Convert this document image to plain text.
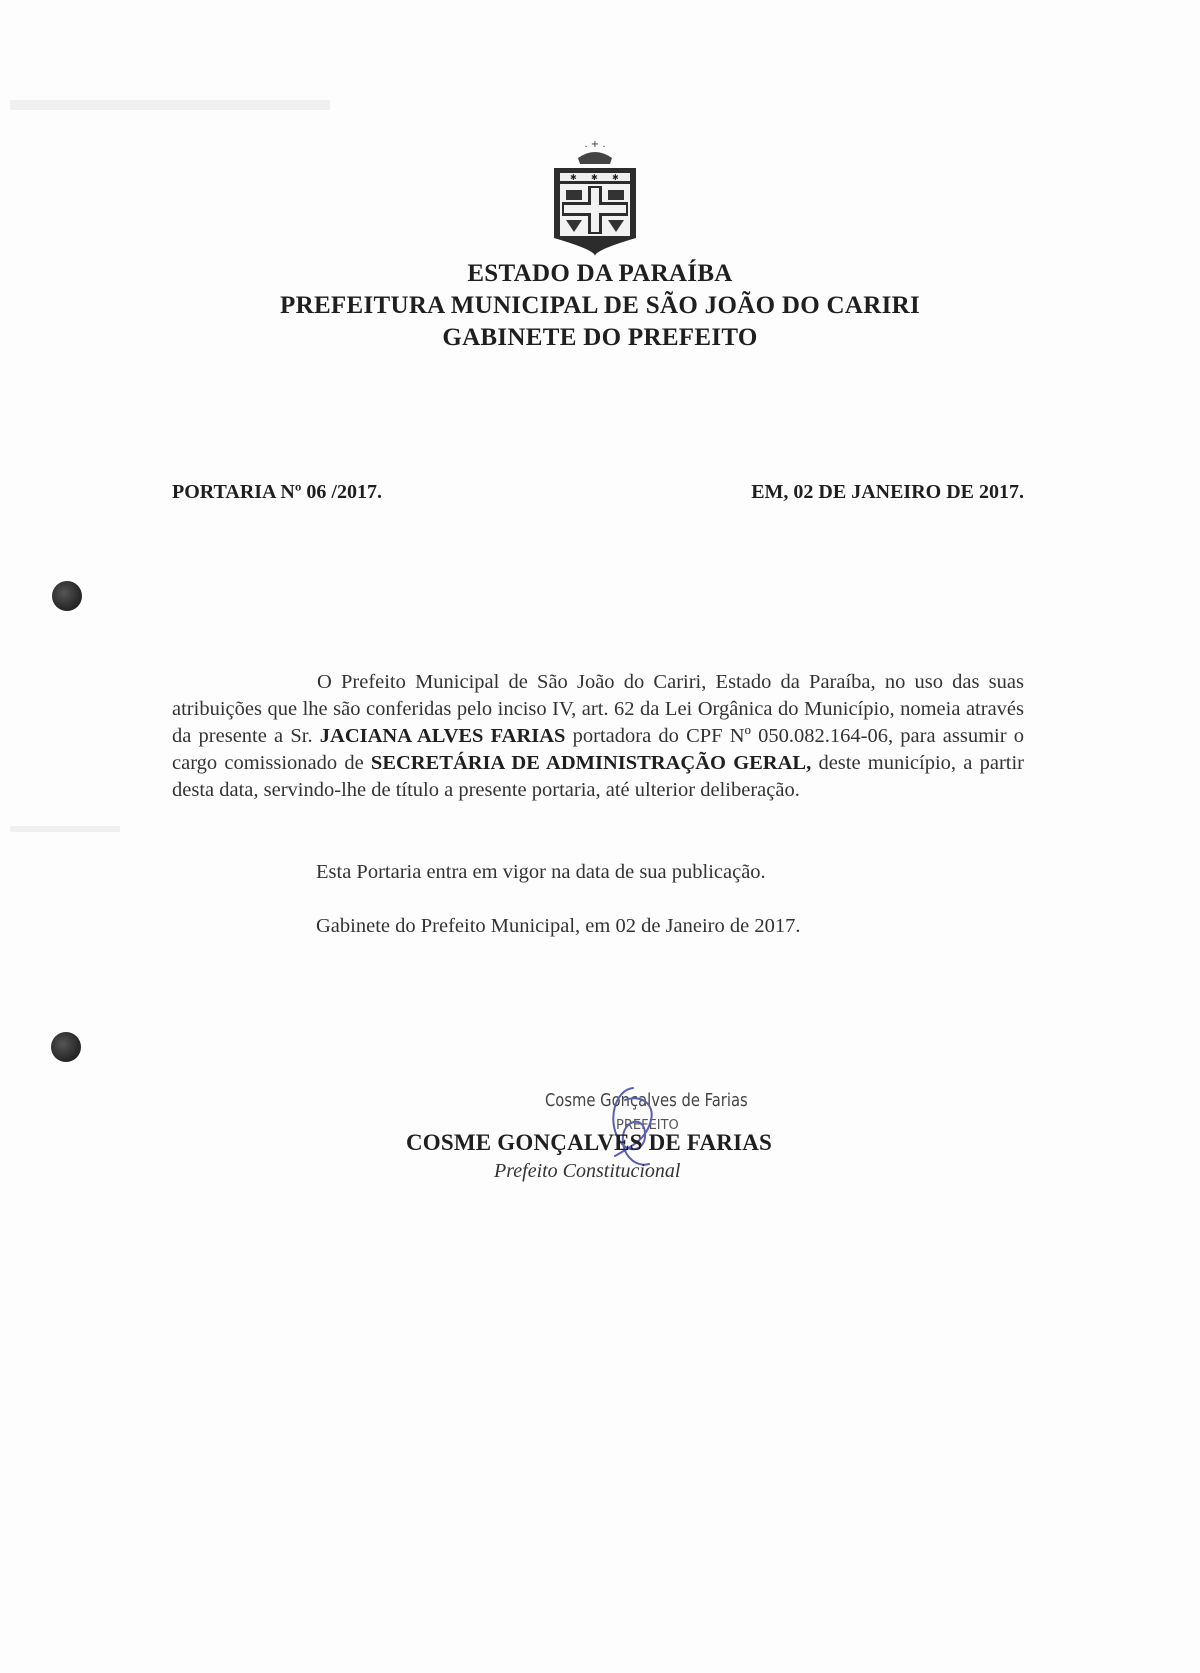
. + .
✱ ✱ ✱
ESTADO DA PARAÍBA
PREFEITURA MUNICIPAL DE SÃO JOÃO DO CARIRI
GABINETE DO PREFEITO
PORTARIA Nº 06 /2017.	EM, 02 DE JANEIRO DE 2017.

O Prefeito Municipal de São João do Cariri, Estado da Paraíba, no uso das suas atribuições que lhe são conferidas pelo inciso IV, art. 62 da Lei Orgânica do Município, nomeia através da presente a Sr. JACIANA ALVES FARIAS portadora do CPF Nº 050.082.164-06, para assumir o cargo comissionado de SECRETÁRIA DE ADMINISTRAÇÃO GERAL, deste município, a partir desta data, servindo-lhe de título a presente portaria, até ulterior deliberação.

Esta Portaria entra em vigor na data de sua publicação.
Gabinete do Prefeito Municipal, em 02 de Janeiro de 2017.
Cosme Gonçalves de Farias
PREFEITO
COSME GONÇALVES DE FARIAS
Prefeito Constitucional
